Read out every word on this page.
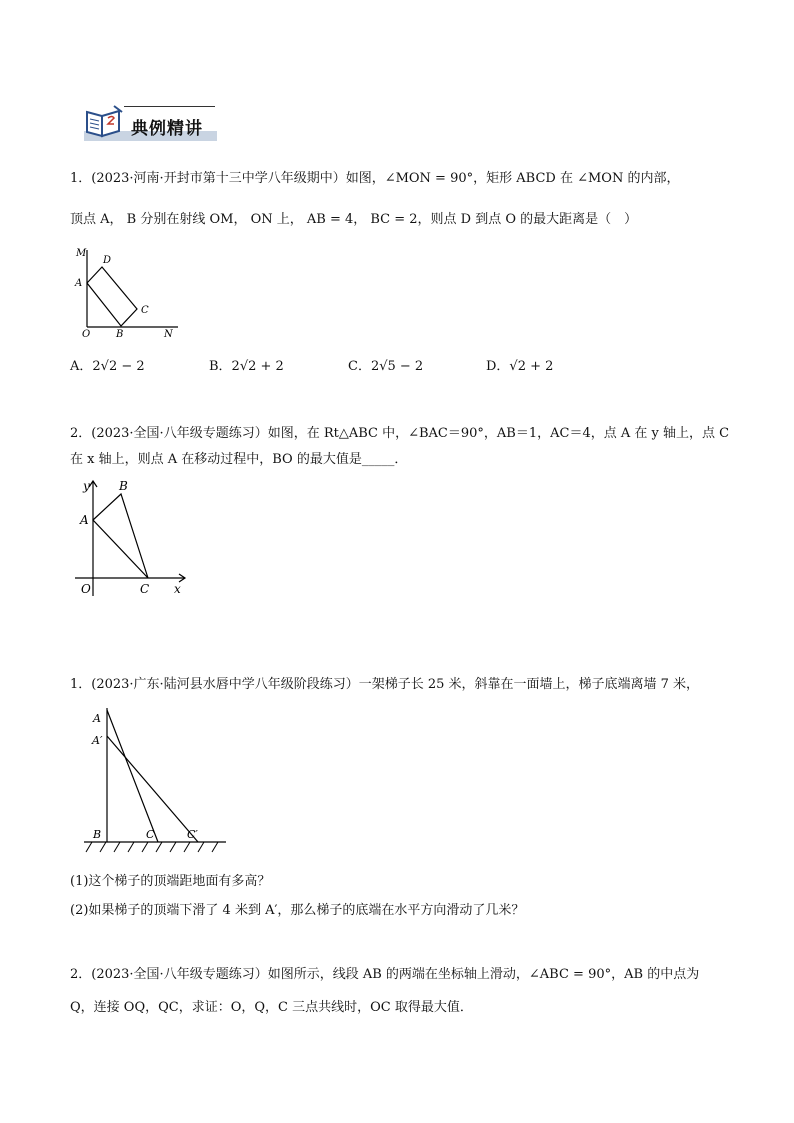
典例精讲
1．(2023·河南·开封市第十三中学八年级期中）如图，∠MON = 90°，矩形 ABCD 在 ∠MON 的内部，
顶点 A， B 分别在射线 OM， ON 上， AB = 4， BC = 2，则点 D 到点 O 的最大距离是（　）
M
D
A
C
O	B	N
A．2√2 − 2	B．2√2 + 2	C．2√5 − 2	D．√2 + 2
2．(2023·全国·八年级专题练习）如图，在 Rt△ABC 中，∠BAC＝90°，AB＝1，AC＝4，点 A 在 y 轴上，点 C
在 x 轴上，则点 A 在移动过程中，BO 的最大值是_____．
y B
A
O	C x
1．(2023·广东·陆河县水唇中学八年级阶段练习）一架梯子长 25 米，斜靠在一面墙上，梯子底端离墙 7 米，
A
A′
B	C	C′
(1)这个梯子的顶端距地面有多高？
(2)如果梯子的顶端下滑了 4 米到 A′，那么梯子的底端在水平方向滑动了几米？
2．(2023·全国·八年级专题练习）如图所示，线段 AB 的两端在坐标轴上滑动，∠ABC = 90°，AB 的中点为
Q，连接 OQ，QC，求证：O，Q，C 三点共线时，OC 取得最大值．
